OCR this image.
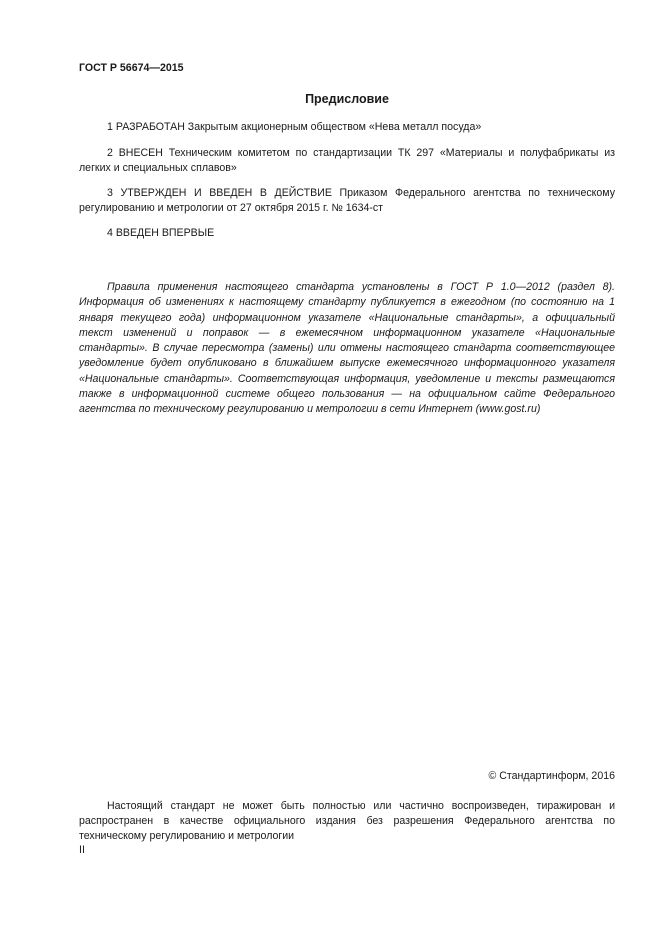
ГОСТ Р 56674—2015
Предисловие
1 РАЗРАБОТАН Закрытым акционерным обществом «Нева металл посуда»
2 ВНЕСЕН Техническим комитетом по стандартизации ТК 297 «Материалы и полуфабрикаты из легких и специальных сплавов»
3 УТВЕРЖДЕН И ВВЕДЕН В ДЕЙСТВИЕ Приказом Федерального агентства по техническому регулированию и метрологии от 27 октября 2015 г. № 1634-ст
4 ВВЕДЕН ВПЕРВЫЕ
Правила применения настоящего стандарта установлены в ГОСТ Р 1.0—2012 (раздел 8). Информация об изменениях к настоящему стандарту публикуется в ежегодном (по состоянию на 1 января текущего года) информационном указателе «Национальные стандарты», а официальный текст изменений и поправок — в ежемесячном информационном указателе «Национальные стандарты». В случае пересмотра (замены) или отмены настоящего стандарта соответствующее уведомление будет опубликовано в ближайшем выпуске ежемесячного информационного указателя «Национальные стандарты». Соответствующая информация, уведомление и тексты размещаются также в информационной системе общего пользования — на официальном сайте Федерального агентства по техническому регулированию и метрологии в сети Интернет (www.gost.ru)
© Стандартинформ, 2016
Настоящий стандарт не может быть полностью или частично воспроизведен, тиражирован и распространен в качестве официального издания без разрешения Федерального агентства по техническому регулированию и метрологии
II
